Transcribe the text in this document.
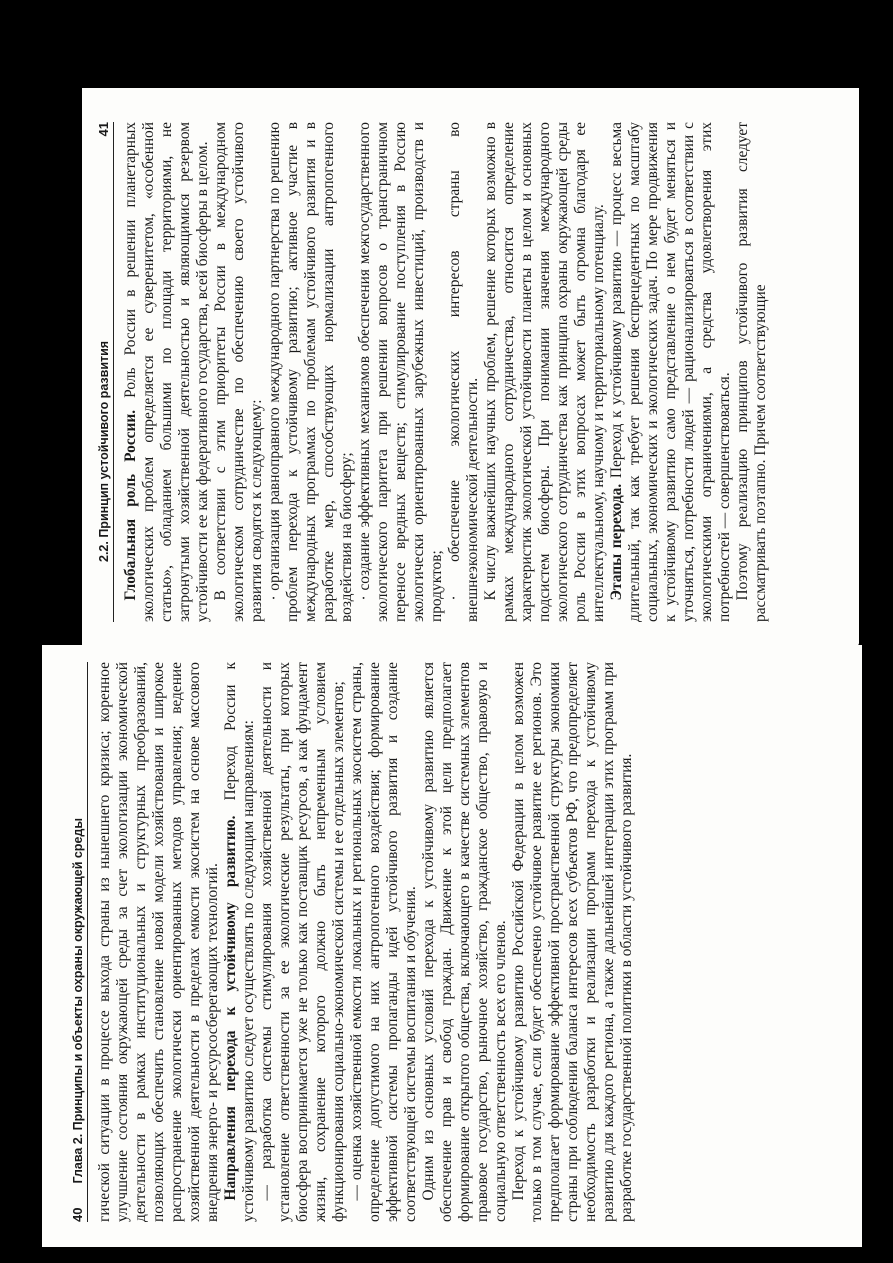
2.2. Принцип устойчивого развития
41

Глобальная роль России. Роль России в решении планетарных экологических проблем определяется ее суверенитетом, «особенной статью», обладанием большими по площади территориями, не затронутыми хозяйственной деятельностью и являющимися резервом устойчивости ее как федеративного государства, всей биосферы в целом. В соответствии с этим приоритеты России в международном экологическом сотрудничестве по обеспечению своего устойчивого развития сводятся к следующему: · организация равноправного международного партнерства по решению проблем перехода к устойчивому развитию; активное участие в международных программах по проблемам устойчивого развития и в разработке мер, способствующих нормализации антропогенного воздействия на биосферу; · создание эффективных механизмов обеспечения межгосударственного экологического паритета при решении вопросов о трансграничном переносе вредных веществ; стимулирование поступления в Россию экологически ориентированных зарубежных инвестиций, производств и продуктов; · обеспечение экологических интересов страны во внешнеэкономической деятельности. К числу важнейших научных проблем, решение которых возможно в рамках международного сотрудничества, относится определение характеристик экологической устойчивости планеты в целом и основных подсистем биосферы. При понимании значения международного экологического сотрудничества как принципа охраны окружающей среды роль России в этих вопросах может быть огромна благодаря ее интеллектуальному, научному и территориальному потенциалу. Этапы перехода. Переход к устойчивому развитию — процесс весьма длительный, так как требует решения беспрецедентных по масштабу социальных, экономических и экологических задач. По мере продвижения к устойчивому развитию само представление о нем будет меняться и уточняться, потребности людей — рационализироваться в соответствии с экологическими ограничениями, а средства удовлетворения этих потребностей — совершенствоваться. Поэтому реализацию принципов устойчивого развития следует рассматривать поэтапно. Причем соответствующие

40
Глава 2. Принципы и объекты охраны окружающей среды гической ситуации в процессе выхода страны из нынешнего кризиса; коренное улучшение состояния окружающей среды за счет экологизации экономической деятельности в рамках институциональных и структурных преобразований, позволяющих обеспечить становление новой модели хозяйствования и широкое распространение экологически ориентированных методов управления; ведение хозяйственной деятельности в пределах емкости экосистем на основе массового внедрения энерго- и ресурсосберегающих технологий. Направления перехода к устойчивому развитию. Переход России к устойчивому развитию следует осуществлять по следующим направлениям: — разработка системы стимулирования хозяйственной деятельности и установление ответственности за ее экологические результаты, при которых биосфера воспринимается уже не только как поставщик ресурсов, а как фундамент жизни, сохранение которого должно быть непременным условием функционирования социально-экономической системы и ее отдельных элементов; — оценка хозяйственной емкости локальных и региональных экосистем страны, определение допустимого на них антропогенного воздействия; формирование эффективной системы пропаганды идей устойчивого развития и создание соответствующей системы воспитания и обучения. Одним из основных условий перехода к устойчивому развитию является обеспечение прав и свобод граждан. Движение к этой цели предполагает формирование открытого общества, включающего в качестве системных элементов правовое государство, рыночное хозяйство, гражданское общество, правовую и социальную ответственность всех его членов. Переход к устойчивому развитию Российской Федерации в целом возможен только в том случае, если будет обеспечено устойчивое развитие ее регионов. Это предполагает формирование эффективной пространственной структуры экономики страны при соблюдении баланса интересов всех субъектов РФ, что предопределяет необходимость разработки и реализации программ перехода к устойчивому развитию для каждого региона, а также дальнейшей интеграции этих программ при разработке государственной политики в области устойчивого развития.
